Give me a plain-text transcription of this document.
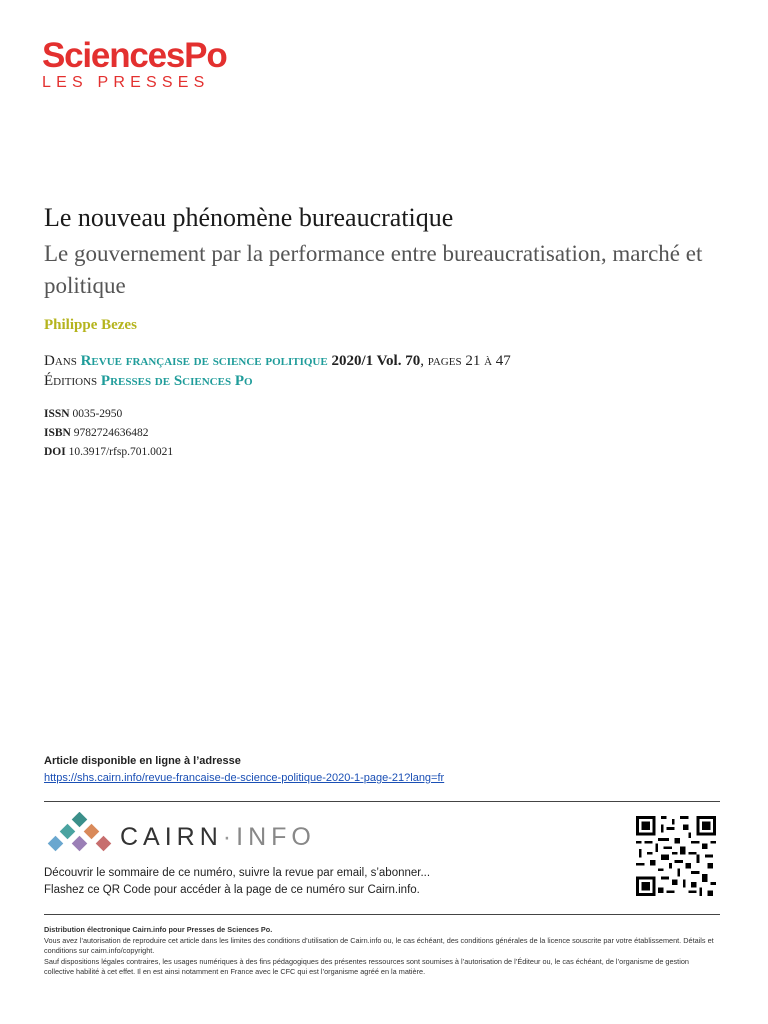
SciencesPo
LES PRESSES
Le nouveau phénomène bureaucratique
Le gouvernement par la performance entre bureaucratisation, marché et politique
Philippe Bezes
Dans Revue française de science politique 2020/1 Vol. 70, pages 21 à 47
Éditions Presses de Sciences Po
ISSN 0035-2950
ISBN 9782724636482
DOI 10.3917/rfsp.701.0021
Article disponible en ligne à l’adresse
https://shs.cairn.info/revue-francaise-de-science-politique-2020-1-page-21?lang=fr
CAIRN·INFO
Découvrir le sommaire de ce numéro, suivre la revue par email, s’abonner...
Flashez ce QR Code pour accéder à la page de ce numéro sur Cairn.info.
Distribution électronique Cairn.info pour Presses de Sciences Po.
Vous avez l’autorisation de reproduire cet article dans les limites des conditions d’utilisation de Cairn.info ou, le cas échéant, des conditions générales de la licence souscrite par votre établissement. Détails et conditions sur cairn.info/copyright.
Sauf dispositions légales contraires, les usages numériques à des fins pédagogiques des présentes ressources sont soumises à l’autorisation de l’Éditeur ou, le cas échéant, de l’organisme de gestion collective habilité à cet effet. Il en est ainsi notamment en France avec le CFC qui est l’organisme agréé en la matière.
